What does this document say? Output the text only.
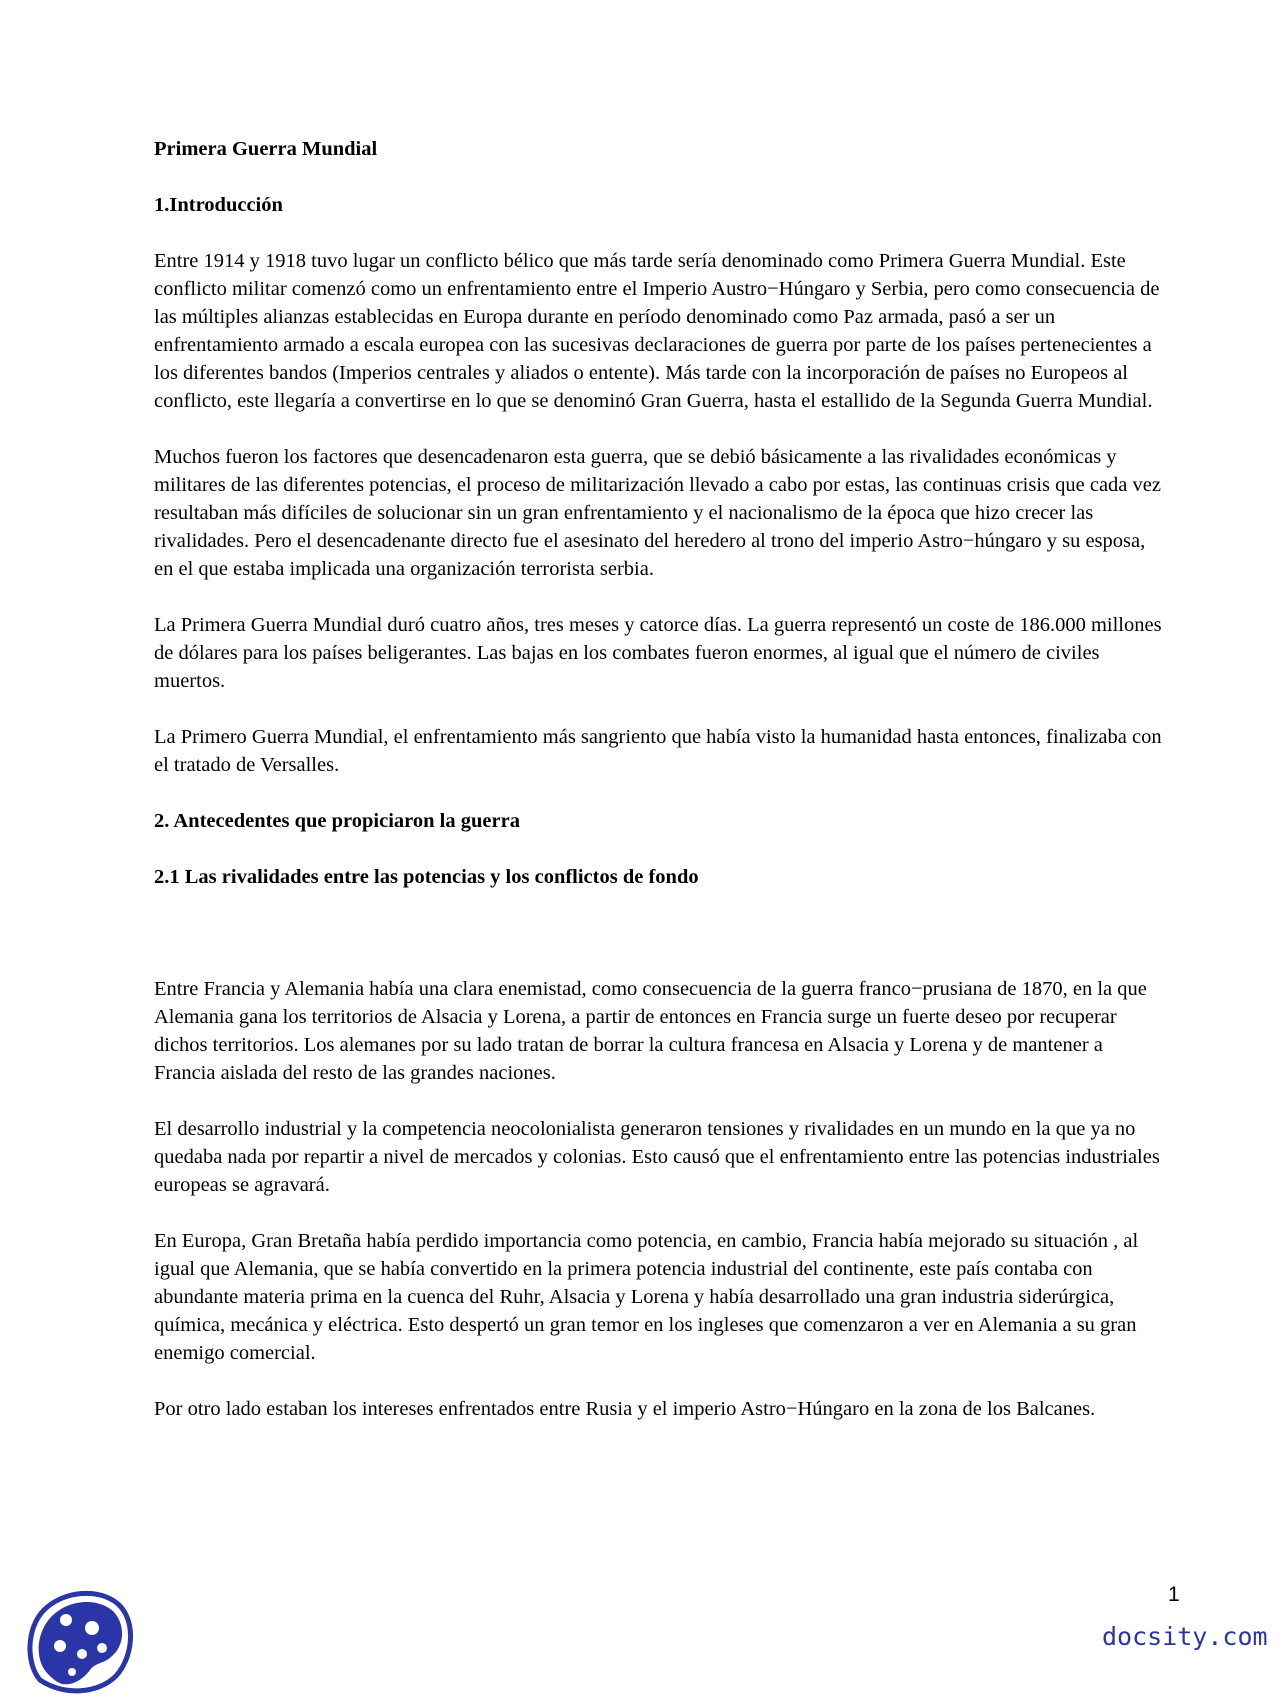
Primera Guerra Mundial

1.Introducción

Entre 1914 y 1918 tuvo lugar un conflicto bélico que más tarde sería denominado como Primera Guerra Mundial. Este conflicto militar comenzó como un enfrentamiento entre el Imperio Austro−Húngaro y Serbia, pero como consecuencia de las múltiples alianzas establecidas en Europa durante en período denominado como Paz armada, pasó a ser un enfrentamiento armado a escala europea con las sucesivas declaraciones de guerra por parte de los países pertenecientes a los diferentes bandos (Imperios centrales y aliados o entente). Más tarde con la incorporación de países no Europeos al conflicto, este llegaría a convertirse en lo que se denominó Gran Guerra, hasta el estallido de la Segunda Guerra Mundial.

Muchos fueron los factores que desencadenaron esta guerra, que se debió básicamente a las rivalidades económicas y militares de las diferentes potencias, el proceso de militarización llevado a cabo por estas, las continuas crisis que cada vez resultaban más difíciles de solucionar sin un gran enfrentamiento y el nacionalismo de la época que hizo crecer las rivalidades. Pero el desencadenante directo fue el asesinato del heredero al trono del imperio Astro−húngaro y su esposa, en el que estaba implicada una organización terrorista serbia.

La Primera Guerra Mundial duró cuatro años, tres meses y catorce días. La guerra representó un coste de 186.000 millones de dólares para los países beligerantes. Las bajas en los combates fueron enormes, al igual que el número de civiles muertos.

La Primero Guerra Mundial, el enfrentamiento más sangriento que había visto la humanidad hasta entonces, finalizaba con el tratado de Versalles.

2. Antecedentes que propiciaron la guerra

2.1 Las rivalidades entre las potencias y los conflictos de fondo

Entre Francia y Alemania había una clara enemistad, como consecuencia de la guerra franco−prusiana de 1870, en la que Alemania gana los territorios de Alsacia y Lorena, a partir de entonces en Francia surge un fuerte deseo por recuperar dichos territorios. Los alemanes por su lado tratan de borrar la cultura francesa en Alsacia y Lorena y de mantener a Francia aislada del resto de las grandes naciones.

El desarrollo industrial y la competencia neocolonialista generaron tensiones y rivalidades en un mundo en la que ya no quedaba nada por repartir a nivel de mercados y colonias. Esto causó que el enfrentamiento entre las potencias industriales europeas se agravará.

En Europa, Gran Bretaña había perdido importancia como potencia, en cambio, Francia había mejorado su situación , al igual que Alemania, que se había convertido en la primera potencia industrial del continente, este país contaba con abundante materia prima en la cuenca del Ruhr, Alsacia y Lorena y había desarrollado una gran industria siderúrgica, química, mecánica y eléctrica. Esto despertó un gran temor en los ingleses que comenzaron a ver en Alemania a su gran enemigo comercial.

Por otro lado estaban los intereses enfrentados entre Rusia y el imperio Astro−Húngaro en la zona de los Balcanes.

1
docsity.com
